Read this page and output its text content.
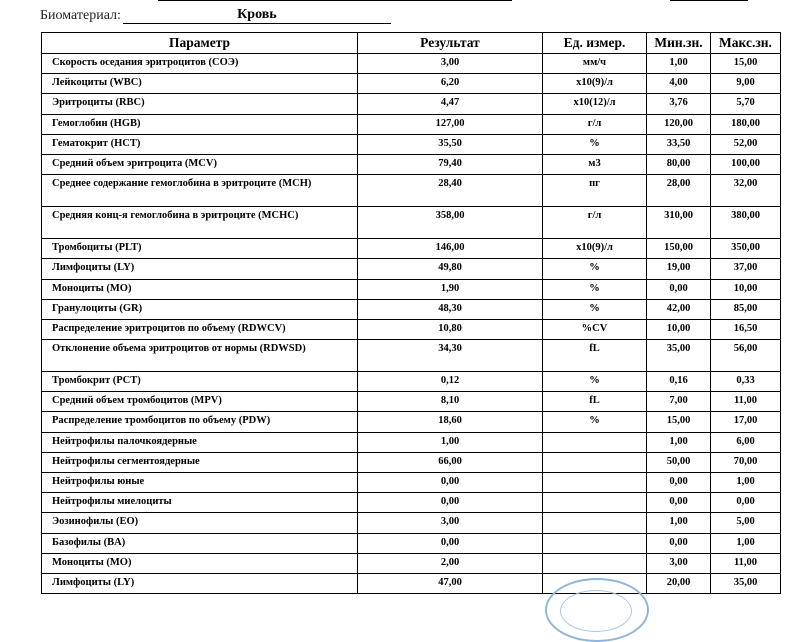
Биоматериал:	Кровь
Параметр	Результат	Ед. измер.	Мин.зн.	Макс.зн.
Скорость оседания эритроцитов (СОЭ)	3,00	мм/ч	1,00	15,00
Лейкоциты (WBC)	6,20	х10(9)/л	4,00	9,00
Эритроциты (RBC)	4,47	х10(12)/л	3,76	5,70
Гемоглобин (HGB)	127,00	г/л	120,00	180,00
Гематокрит (HCT)	35,50	%	33,50	52,00
Средний объем эритроцита (MCV)	79,40	м3	80,00	100,00
Среднее содержание гемоглобина в эритроците (MCH)	28,40	пг	28,00	32,00
Средняя конц-я гемоглобина в эритроците (MCHC)	358,00	г/л	310,00	380,00
Тромбоциты (PLT)	146,00	х10(9)/л	150,00	350,00
Лимфоциты (LY)	49,80	%	19,00	37,00
Моноциты (MO)	1,90	%	0,00	10,00
Гранулоциты (GR)	48,30	%	42,00	85,00
Распределение эритроцитов по объему (RDWCV)	10,80	%CV	10,00	16,50
Отклонение объема эритроцитов от нормы (RDWSD)	34,30	fL	35,00	56,00
Тромбокрит (PCT)	0,12	%	0,16	0,33
Средний объем тромбоцитов (MPV)	8,10	fL	7,00	11,00
Распределение тромбоцитов по объему (PDW)	18,60	%	15,00	17,00
Нейтрофилы палочкоядерные	1,00		1,00	6,00
Нейтрофилы сегментоядерные	66,00		50,00	70,00
Нейтрофилы юные	0,00		0,00	1,00
Нейтрофилы миелоциты	0,00		0,00	0,00
Эозинофилы (EO)	3,00		1,00	5,00
Базофилы (BA)	0,00		0,00	1,00
Моноциты (MO)	2,00		3,00	11,00
Лимфоциты (LY)	47,00		20,00	35,00
